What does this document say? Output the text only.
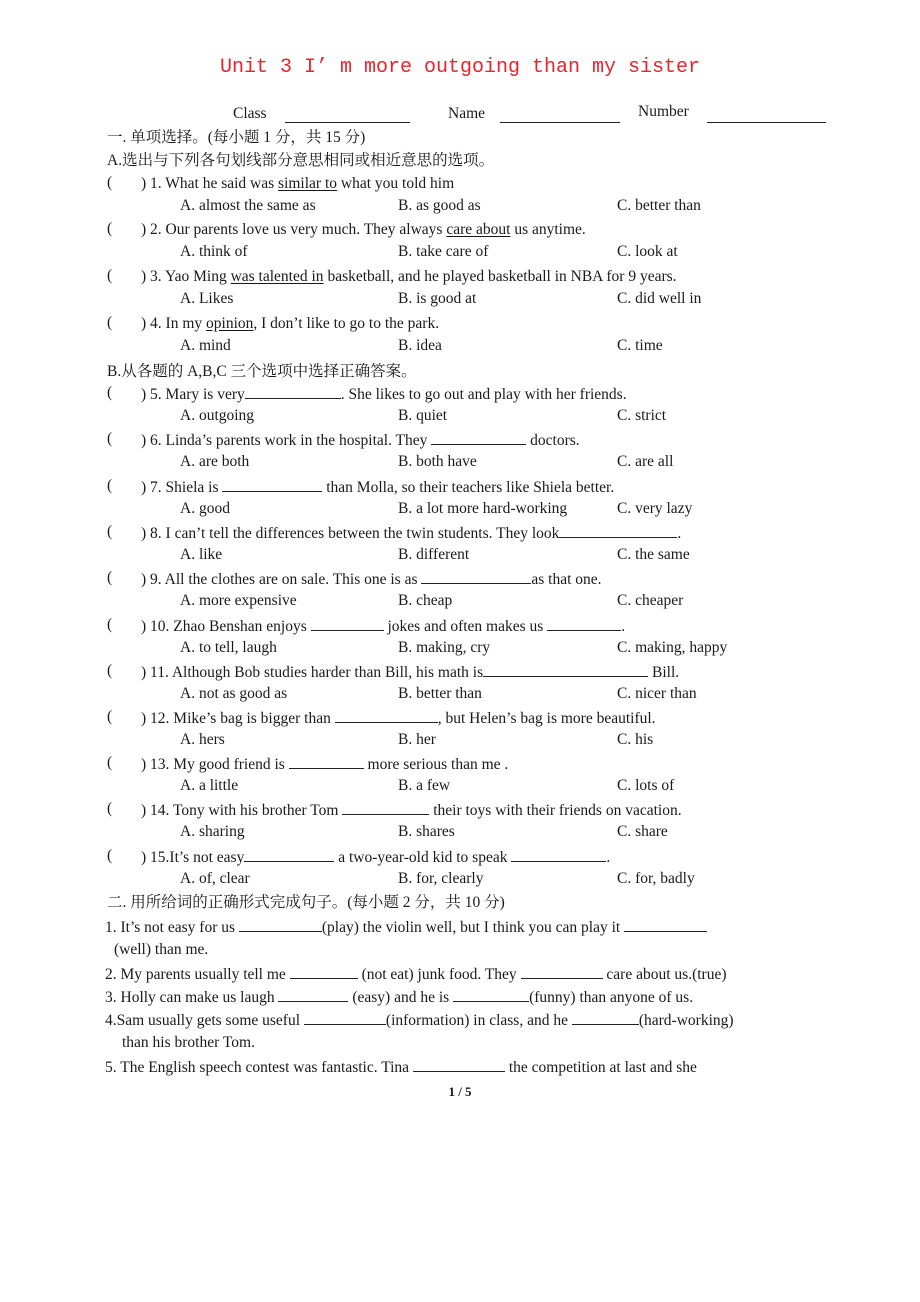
Unit 3 I’ m more outgoing than my sister
Class	Name	Number
一. 单项选择。(每小题 1 分，共 15 分)
A.选出与下列各句划线部分意思相同或相近意思的选项。
( ) 1. What he said was similar to what you told him
A. almost the same as	B. as good as	C. better than
( ) 2. Our parents love us very much. They always care about us anytime.
A. think of	B. take care of	C. look at
( ) 3. Yao Ming was talented in basketball, and he played basketball in NBA for 9 years.
A. Likes	B. is good at	C. did well in
( ) 4. In my opinion, I don’t like to go to the park.
A. mind	B. idea	C. time
( ) 5. Mary is very	. She likes to go out and play with her friends.
A. outgoing	B. quiet	C. strict
( ) 6. Linda’s parents work in the hospital. They	doctors.
A. are both	B. both have	C. are all
( ) 7. Shiela is	than Molla, so their teachers like Shiela better.
A. good	B. a lot more hard-working	C. very lazy
( ) 8. I can’t tell the differences between the twin students. They look	.
A. like	B. different	C. the same
( ) 9. All the clothes are on sale. This one is as	as that one.
A. more expensive	B. cheap	C. cheaper
( ) 10. Zhao Benshan enjoys	jokes and often makes us	.
A. to tell, laugh	B. making, cry	C. making, happy
( ) 11. Although Bob studies harder than Bill, his math is	Bill.
A. not as good as	B. better than	C. nicer than
( ) 12. Mike’s bag is bigger than	, but Helen’s bag is more beautiful.
A. hers	B. her	C. his
( ) 13. My good friend is	more serious than me .
A. a little	B. a few	C. lots of
( ) 14. Tony with his brother Tom	their toys with their friends on vacation.
A. sharing	B. shares	C. share
( ) 15.It’s not easy	a two-year-old kid to speak	.
A. of, clear	B. for, clearly	C. for, badly
B.从各题的 A,B,C 三个选项中选择正确答案。
二. 用所给词的正确形式完成句子。(每小题 2 分，共 10 分)
1. It’s not easy for us	(play) the violin well, but I think you can play it
(well) than me.
2. My parents usually tell me	(not eat) junk food. They	care about us.(true)
3. Holly can make us laugh	(easy) and he is	(funny) than anyone of us.
4.Sam usually gets some useful	(information) in class, and he	(hard-working)
than his brother Tom.
5. The English speech contest was fantastic. Tina	the competition at last and she
1 / 5
